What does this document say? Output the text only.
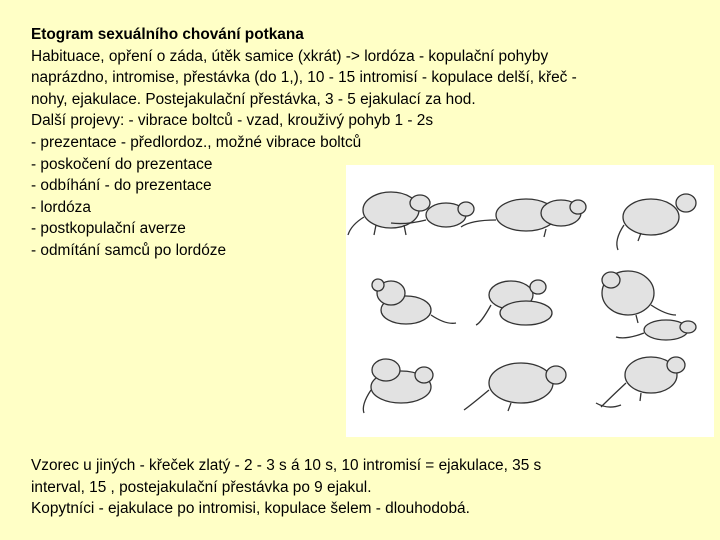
Etogram sexuálního chování potkana
Habituace, opření o záda, útěk samice (xkrát) -> lordóza - kopulační pohyby
naprázdno, intromise, přestávka (do 1,), 10 - 15 intromisí - kopulace delší, křeč -
nohy, ejakulace. Postejakulační přestávka, 3 - 5 ejakulací za hod.
Další projevy: - vibrace boltců - vzad, krouživý pohyb 1 - 2s
- prezentace - předlordoz., možné vibrace boltců
- poskočení do prezentace
- odbíhání - do prezentace
- lordóza
- postkopulační averze
- odmítání samců po lordóze
Vzorec u jiných - křeček zlatý - 2 - 3 s á 10 s, 10 intromisí = ejakulace, 35 s
interval, 15 , postejakulační přestávka po 9 ejakul.
Kopytníci - ejakulace po intromisi, kopulace šelem - dlouhodobá.
